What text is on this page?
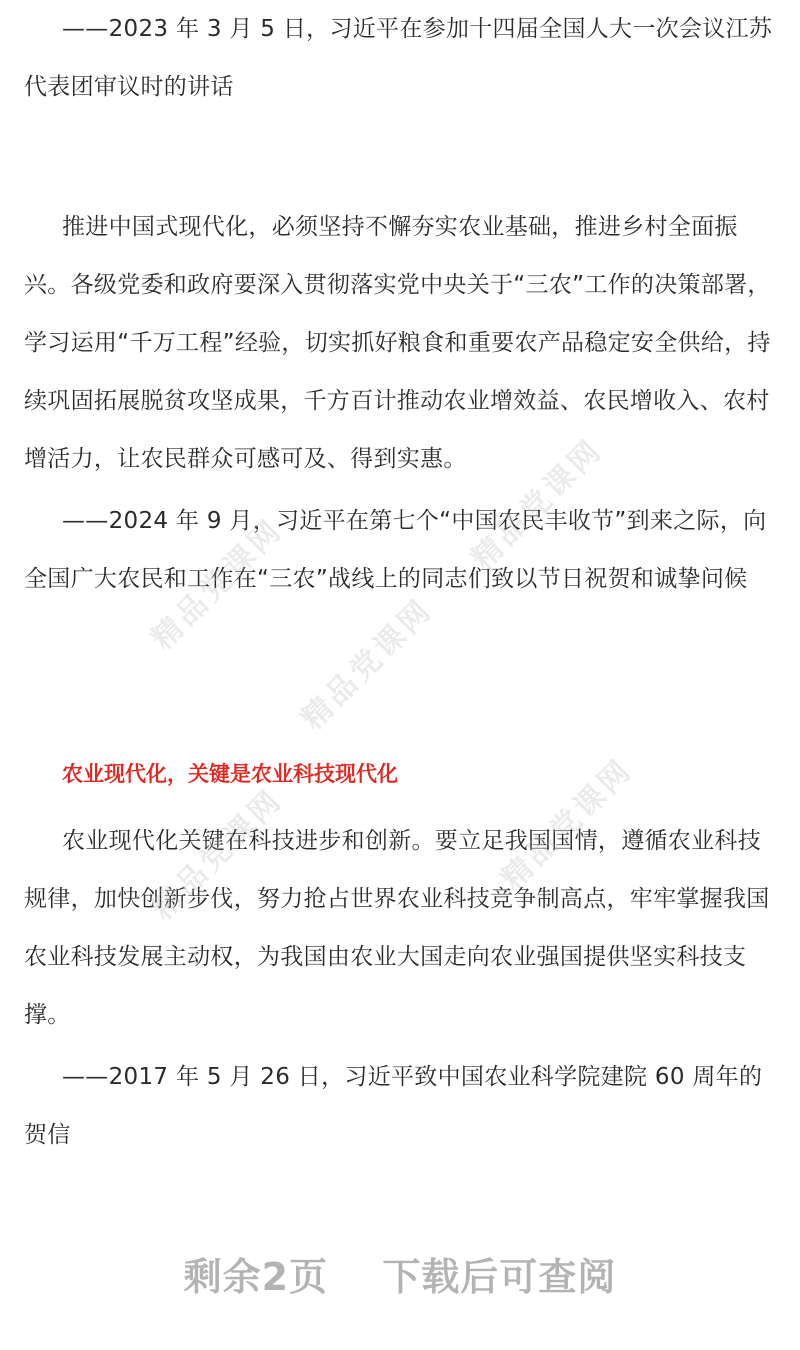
——2023 年 3 月 5 日，习近平在参加十四届全国人大一次会议江苏代表团审议时的讲话

推进中国式现代化，必须坚持不懈夯实农业基础，推进乡村全面振兴。各级党委和政府要深入贯彻落实党中央关于“三农”工作的决策部署，学习运用“千万工程”经验，切实抓好粮食和重要农产品稳定安全供给，持续巩固拓展脱贫攻坚成果，千方百计推动农业增效益、农民增收入、农村增活力，让农民群众可感可及、得到实惠。

——2024 年 9 月，习近平在第七个“中国农民丰收节”到来之际，向全国广大农民和工作在“三农”战线上的同志们致以节日祝贺和诚挚问候

农业现代化，关键是农业科技现代化

农业现代化关键在科技进步和创新。要立足我国国情，遵循农业科技规律，加快创新步伐，努力抢占世界农业科技竞争制高点，牢牢掌握我国农业科技发展主动权，为我国由农业大国走向农业强国提供坚实科技支撑。

——2017 年 5 月 26 日，习近平致中国农业科学院建院 60 周年的贺信

精品党课网
精品党课网
精品党课网
精品党课网	精品党课网
剩余2页 下载后可查阅
